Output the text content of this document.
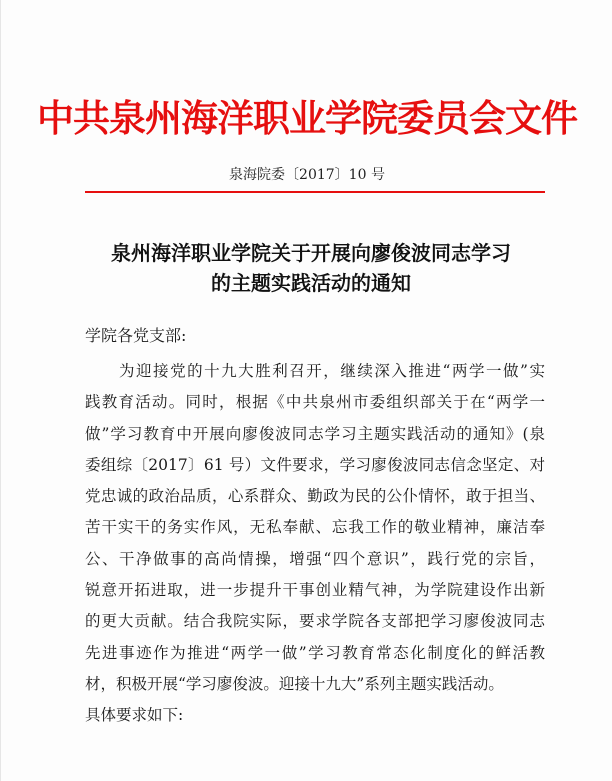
中共泉州海洋职业学院委员会文件
泉海院委〔2017〕10 号
泉州海洋职业学院关于开展向廖俊波同志学习
的主题实践活动的通知
学院各党支部:
为迎接党的十九大胜利召开，继续深入推进“两学一做”实
践教育活动。同时，根据《中共泉州市委组织部关于在“两学一
做”学习教育中开展向廖俊波同志学习主题实践活动的通知》(泉
委组综〔2017〕61 号）文件要求，学习廖俊波同志信念坚定、对
党忠诚的政治品质，心系群众、勤政为民的公仆情怀，敢于担当、
苦干实干的务实作风，无私奉献、忘我工作的敬业精神，廉洁奉
公、干净做事的高尚情操，增强“四个意识”，践行党的宗旨，
锐意开拓进取，进一步提升干事创业精气神，为学院建设作出新
的更大贡献。结合我院实际，要求学院各支部把学习廖俊波同志
先进事迹作为推进“两学一做”学习教育常态化制度化的鲜活教
材，积极开展“学习廖俊波。迎接十九大”系列主题实践活动。
具体要求如下:
